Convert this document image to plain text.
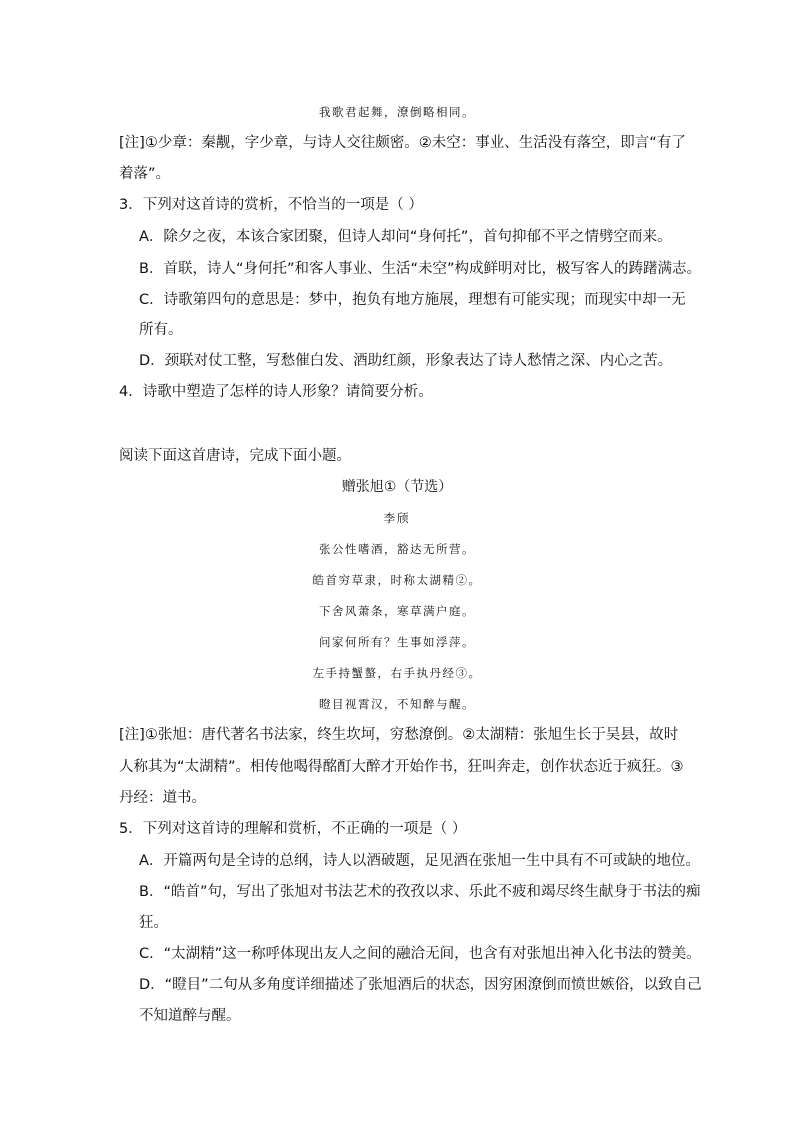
我歌君起舞，潦倒略相同。
[注]①少章：秦觏，字少章，与诗人交往颇密。②未空：事业、生活没有落空，即言“有了
着落”。
3．下列对这首诗的赏析，不恰当的一项是（ ）
A．除夕之夜，本该合家团聚，但诗人却问“身何托”，首句抑郁不平之情劈空而来。
B．首联，诗人“身何托”和客人事业、生活“未空”构成鲜明对比，极写客人的踌躇满志。
C．诗歌第四句的意思是：梦中，抱负有地方施展，理想有可能实现；而现实中却一无
所有。
D．颈联对仗工整，写愁催白发、酒助红颜，形象表达了诗人愁情之深、内心之苦。
4．诗歌中塑造了怎样的诗人形象？请简要分析。
阅读下面这首唐诗，完成下面小题。
赠张旭①（节选）
李颀
张公性嗜酒，豁达无所营。
皓首穷草隶，时称太湖精②。
下舍风萧条，寒草满户庭。
问家何所有？生事如浮萍。
左手持蟹螯，右手执丹经③。
瞪目视霄汉，不知醉与醒。
[注]①张旭：唐代著名书法家，终生坎坷，穷愁潦倒。②太湖精：张旭生长于吴县，故时
人称其为“太湖精”。相传他喝得酩酊大醉才开始作书，狂叫奔走，创作状态近于疯狂。③
丹经：道书。
5．下列对这首诗的理解和赏析，不正确的一项是（ ）
A．开篇两句是全诗的总纲，诗人以酒破题，足见酒在张旭一生中具有不可或缺的地位。
B．“皓首”句，写出了张旭对书法艺术的孜孜以求、乐此不疲和竭尽终生献身于书法的痴
狂。
C．“太湖精”这一称呼体现出友人之间的融洽无间，也含有对张旭出神入化书法的赞美。
D．“瞪目”二句从多角度详细描述了张旭酒后的状态，因穷困潦倒而愤世嫉俗，以致自己
不知道醉与醒。
